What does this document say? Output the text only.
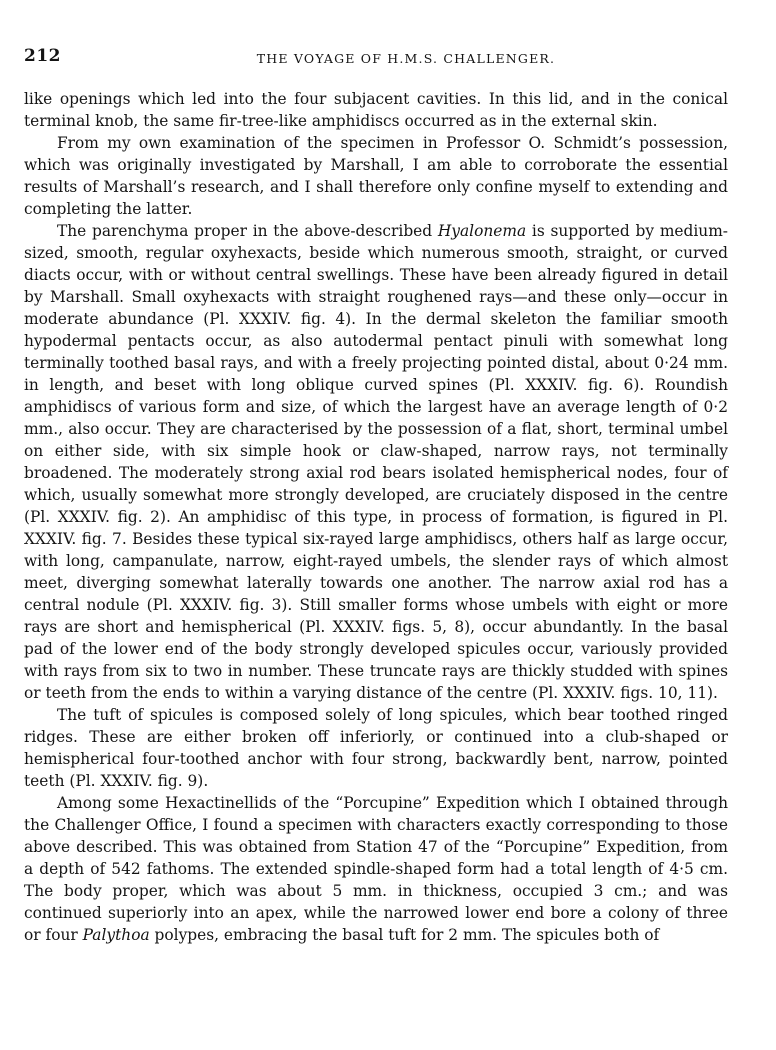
212	THE VOYAGE OF H.M.S. CHALLENGER.

like openings which led into the four subjacent cavities. In this lid, and in the conical terminal knob, the same fir-tree-like amphidiscs occurred as in the external skin.

From my own examination of the specimen in Professor O. Schmidt’s possession, which was originally investigated by Marshall, I am able to corroborate the essential results of Marshall’s research, and I shall therefore only confine myself to extending and completing the latter.

The parenchyma proper in the above-described Hyalonema is supported by medium-sized, smooth, regular oxyhexacts, beside which numerous smooth, straight, or curved diacts occur, with or without central swellings. These have been already figured in detail by Marshall. Small oxyhexacts with straight roughened rays—and these only—occur in moderate abundance (Pl. XXXIV. fig. 4). In the dermal skeleton the familiar smooth hypodermal pentacts occur, as also autodermal pentact pinuli with somewhat long terminally toothed basal rays, and with a freely projecting pointed distal, about 0·24 mm. in length, and beset with long oblique curved spines (Pl. XXXIV. fig. 6). Roundish amphidiscs of various form and size, of which the largest have an average length of 0·2 mm., also occur. They are characterised by the possession of a flat, short, terminal umbel on either side, with six simple hook or claw-shaped, narrow rays, not terminally broadened. The moderately strong axial rod bears isolated hemispherical nodes, four of which, usually somewhat more strongly developed, are cruciately disposed in the centre (Pl. XXXIV. fig. 2). An amphidisc of this type, in process of formation, is figured in Pl. XXXIV. fig. 7. Besides these typical six-rayed large amphidiscs, others half as large occur, with long, campanulate, narrow, eight-rayed umbels, the slender rays of which almost meet, diverging somewhat laterally towards one another. The narrow axial rod has a central nodule (Pl. XXXIV. fig. 3). Still smaller forms whose umbels with eight or more rays are short and hemispherical (Pl. XXXIV. figs. 5, 8), occur abundantly. In the basal pad of the lower end of the body strongly developed spicules occur, variously provided with rays from six to two in number. These truncate rays are thickly studded with spines or teeth from the ends to within a varying distance of the centre (Pl. XXXIV. figs. 10, 11).

The tuft of spicules is composed solely of long spicules, which bear toothed ringed ridges. These are either broken off inferiorly, or continued into a club-shaped or hemispherical four-toothed anchor with four strong, backwardly bent, narrow, pointed teeth (Pl. XXXIV. fig. 9).

Among some Hexactinellids of the “Porcupine” Expedition which I obtained through the Challenger Office, I found a specimen with characters exactly corresponding to those above described. This was obtained from Station 47 of the “Porcupine” Expedition, from a depth of 542 fathoms. The extended spindle-shaped form had a total length of 4·5 cm. The body proper, which was about 5 mm. in thickness, occupied 3 cm.; and was continued superiorly into an apex, while the narrowed lower end bore a colony of three or four Palythoa polypes, embracing the basal tuft for 2 mm. The spicules both of
